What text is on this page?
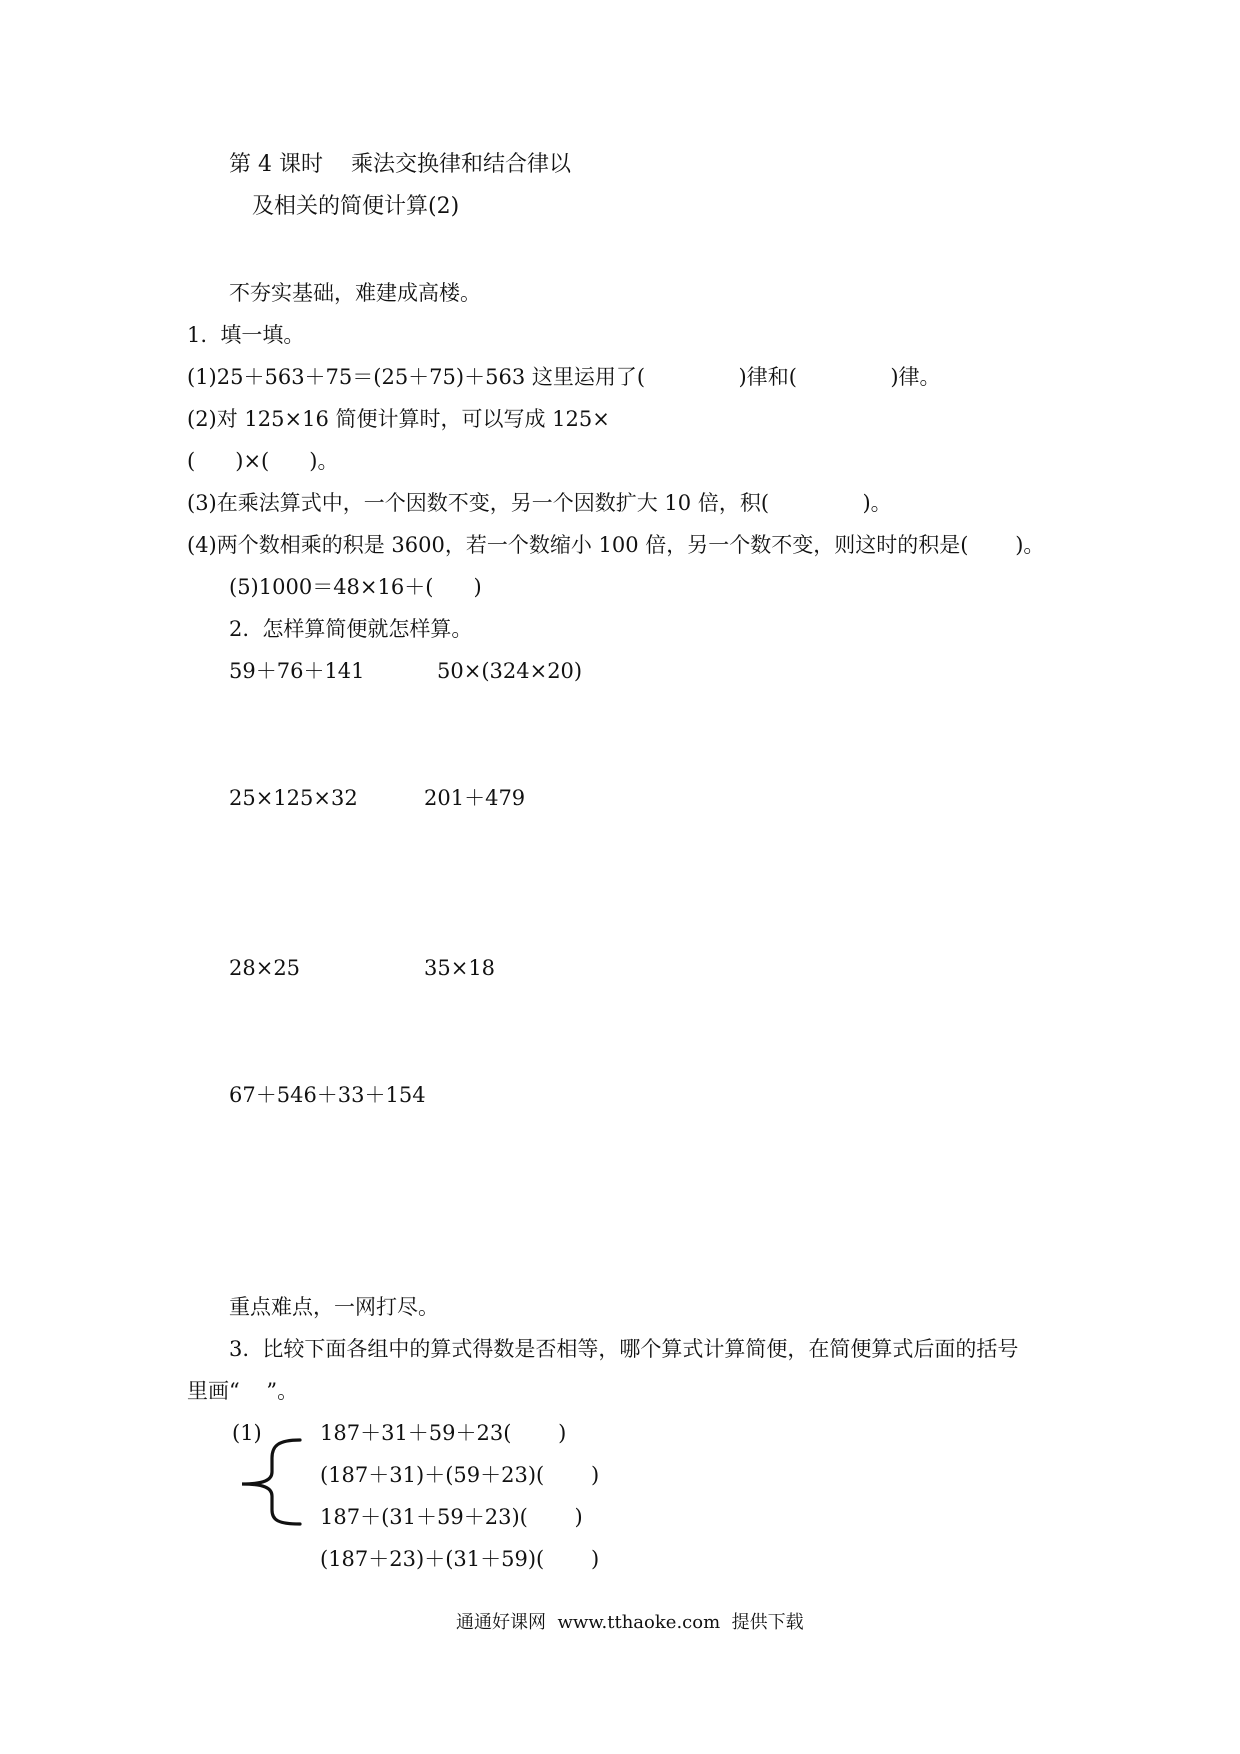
第 4 课时    乘法交换律和结合律以
及相关的简便计算(2)
不夯实基础，难建成高楼。
1.  填一填。
(1)25＋563＋75＝(25＋75)＋563 这里运用了(              )律和(              )律。
(2)对 125×16 简便计算时，可以写成 125×
(      )×(      )。
(3)在乘法算式中，一个因数不变，另一个因数扩大 10 倍，积(              )。
(4)两个数相乘的积是 3600，若一个数缩小 100 倍，另一个数不变，则这时的积是(       )。
(5)1000＝48×16＋(      )
2.  怎样算简便就怎样算。
59＋76＋141	50×(324×20)
25×125×32	201＋479
28×25	35×18
67＋546＋33＋154
重点难点，一网打尽。
3.  比较下面各组中的算式得数是否相等，哪个算式计算简便，在简便算式后面的括号
里画“    ”。
(1)	187＋31＋59＋23(       )
(187＋31)＋(59＋23)(       )
187＋(31＋59＋23)(       )
(187＋23)＋(31＋59)(       )
通通好课网  www.tthaoke.com  提供下载
